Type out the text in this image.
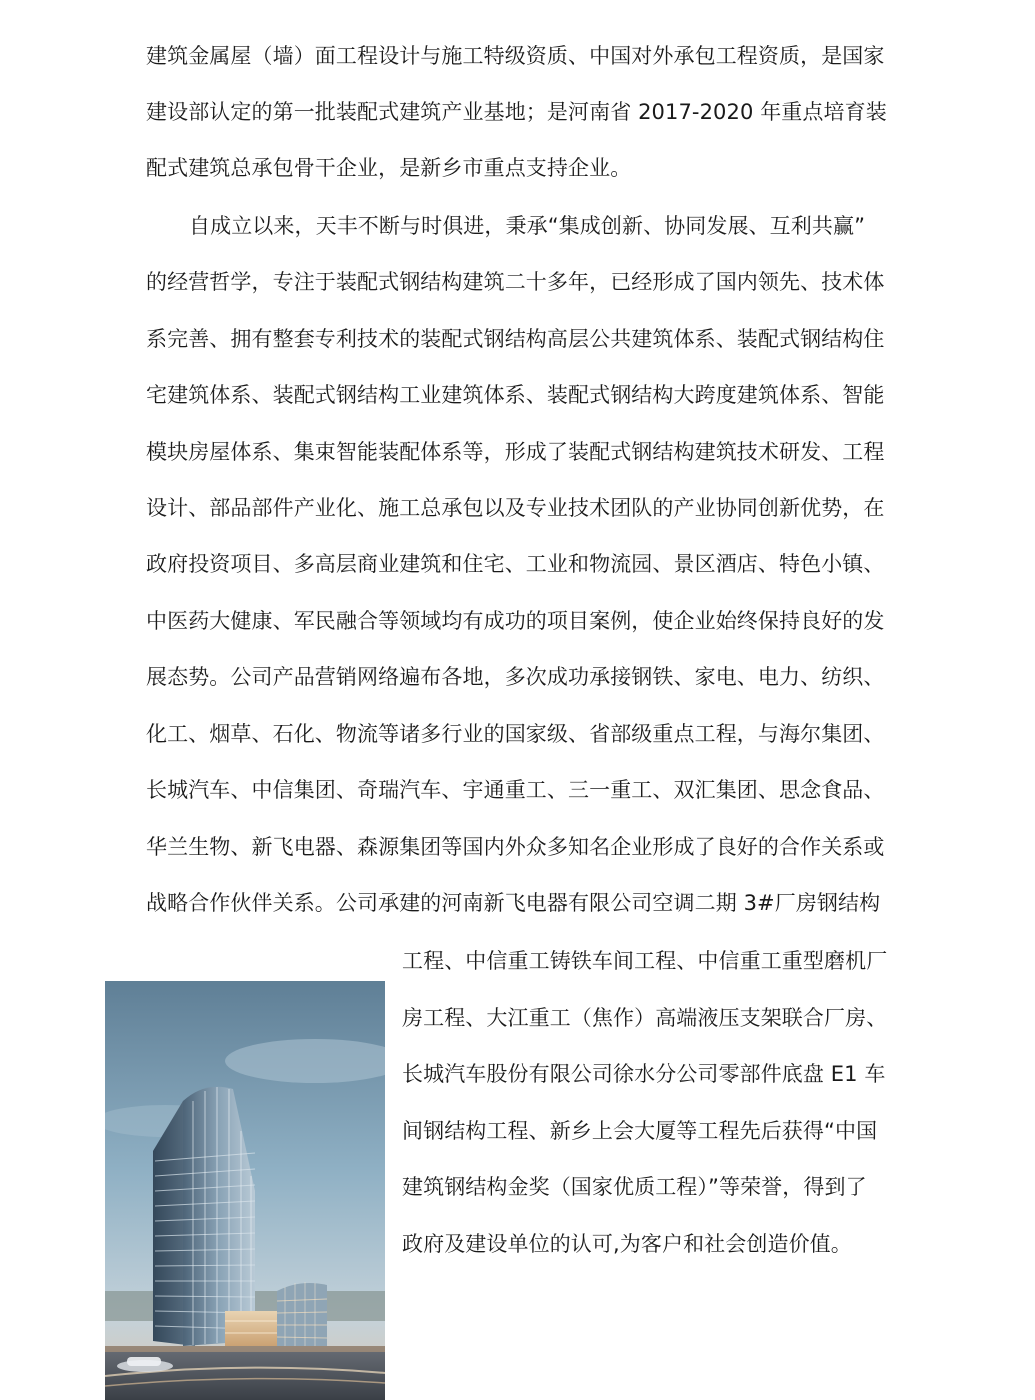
建筑金属屋（墙）面工程设计与施工特级资质、中国对外承包工程资质，是国家
建设部认定的第一批装配式建筑产业基地；是河南省 2017-2020 年重点培育装
配式建筑总承包骨干企业，是新乡市重点支持企业。
自成立以来，天丰不断与时俱进，秉承“集成创新、协同发展、互利共赢”
的经营哲学，专注于装配式钢结构建筑二十多年，已经形成了国内领先、技术体
系完善、拥有整套专利技术的装配式钢结构高层公共建筑体系、装配式钢结构住
宅建筑体系、装配式钢结构工业建筑体系、装配式钢结构大跨度建筑体系、智能
模块房屋体系、集束智能装配体系等，形成了装配式钢结构建筑技术研发、工程
设计、部品部件产业化、施工总承包以及专业技术团队的产业协同创新优势，在
政府投资项目、多高层商业建筑和住宅、工业和物流园、景区酒店、特色小镇、
中医药大健康、军民融合等领域均有成功的项目案例，使企业始终保持良好的发
展态势。公司产品营销网络遍布各地，多次成功承接钢铁、家电、电力、纺织、
化工、烟草、石化、物流等诸多行业的国家级、省部级重点工程，与海尔集团、
长城汽车、中信集团、奇瑞汽车、宇通重工、三一重工、双汇集团、思念食品、
华兰生物、新飞电器、森源集团等国内外众多知名企业形成了良好的合作关系或
战略合作伙伴关系。公司承建的河南新飞电器有限公司空调二期 3#厂房钢结构
工程、中信重工铸铁车间工程、中信重工重型磨机厂
房工程、大江重工（焦作）高端液压支架联合厂房、
长城汽车股份有限公司徐水分公司零部件底盘 E1 车
间钢结构工程、新乡上会大厦等工程先后获得“中国
建筑钢结构金奖（国家优质工程）”等荣誉，得到了
政府及建设单位的认可,为客户和社会创造价值。
